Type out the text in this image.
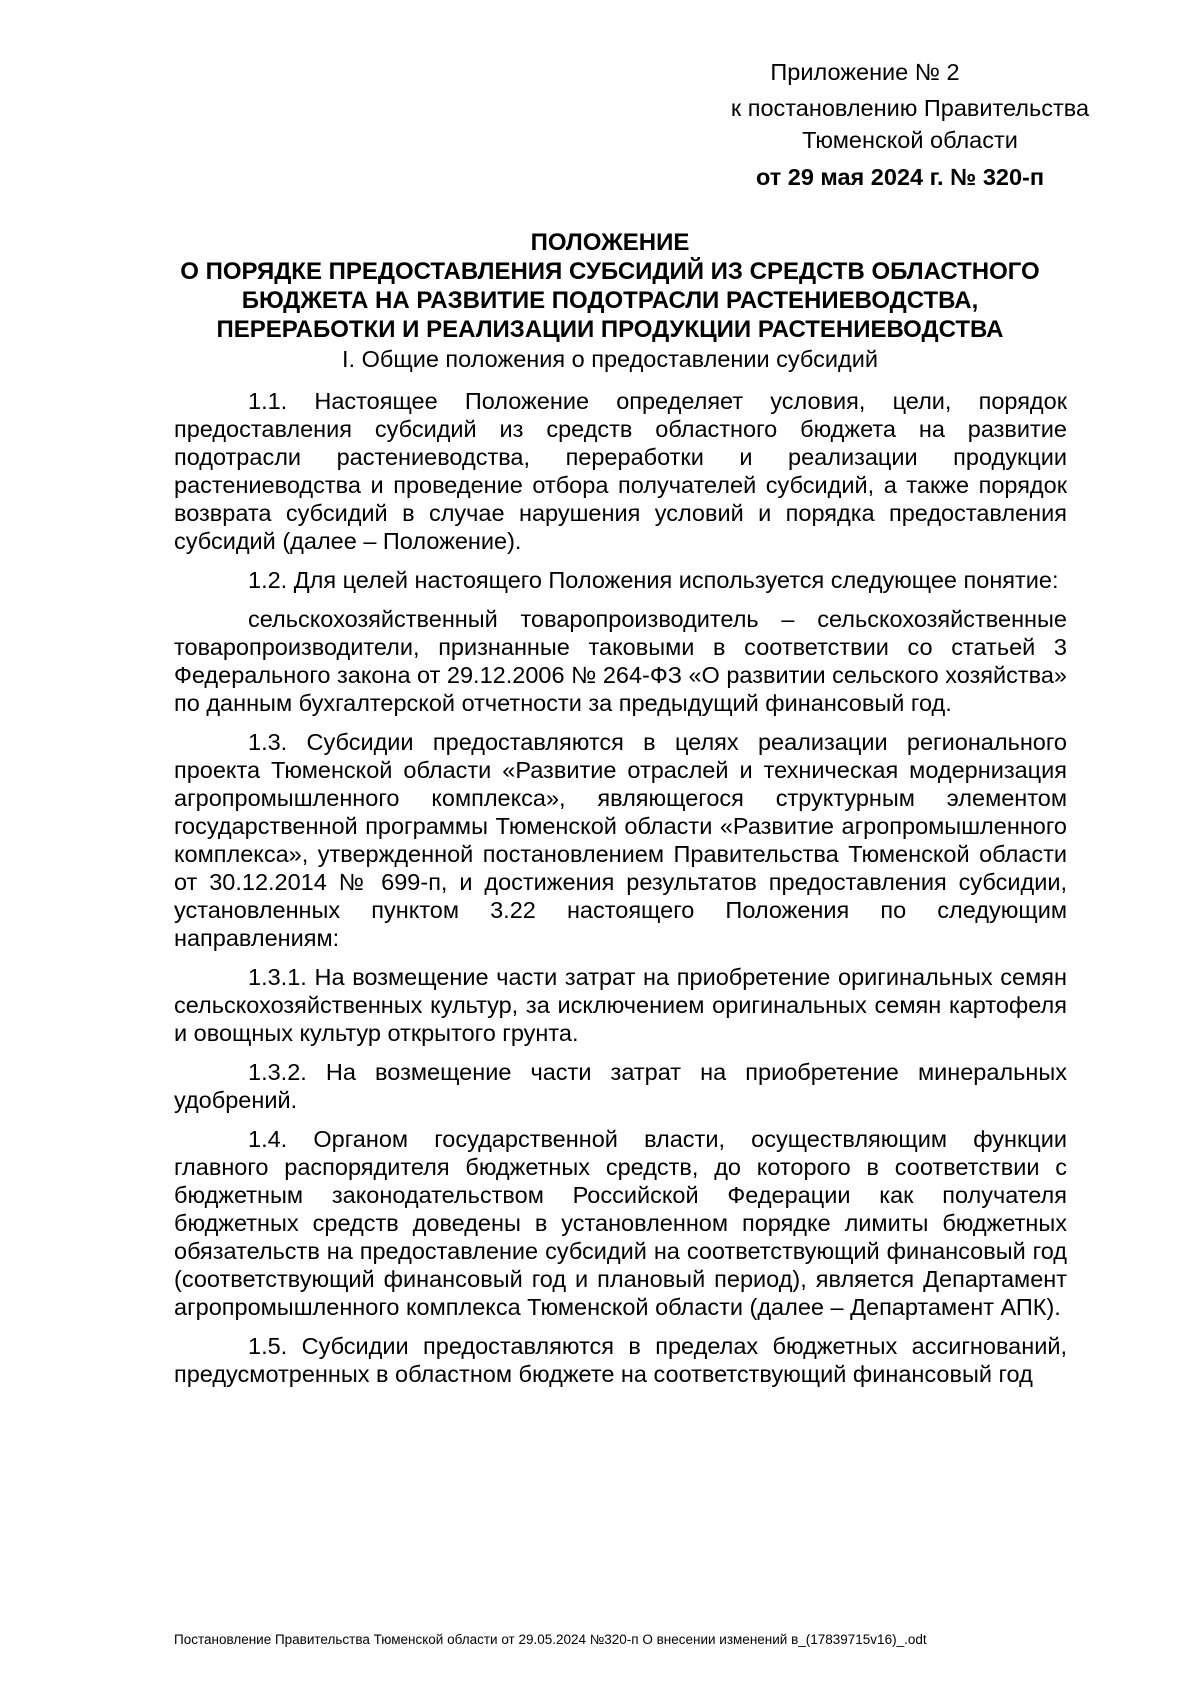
Приложение № 2
к постановлению Правительства
Тюменской области
от 29 мая 2024 г. № 320-п
ПОЛОЖЕНИЕ
О ПОРЯДКЕ ПРЕДОСТАВЛЕНИЯ СУБСИДИЙ ИЗ СРЕДСТВ ОБЛАСТНОГО
БЮДЖЕТА НА РАЗВИТИЕ ПОДОТРАСЛИ РАСТЕНИЕВОДСТВА,
ПЕРЕРАБОТКИ И РЕАЛИЗАЦИИ ПРОДУКЦИИ РАСТЕНИЕВОДСТВА
I. Общие положения о предоставлении субсидий

1.1. Настоящее Положение определяет условия, цели, порядок предоставления субсидий из средств областного бюджета на развитие подотрасли растениеводства, переработки и реализации продукции растениеводства и проведение отбора получателей субсидий, а также порядок возврата субсидий в случае нарушения условий и порядка предоставления субсидий (далее – Положение).

1.2. Для целей настоящего Положения используется следующее понятие:

сельскохозяйственный товаропроизводитель – сельскохозяйственные товаропроизводители, признанные таковыми в соответствии со статьей 3 Федерального закона от 29.12.2006 № 264-ФЗ «О развитии сельского хозяйства» по данным бухгалтерской отчетности за предыдущий финансовый год.

1.3. Субсидии предоставляются в целях реализации регионального проекта Тюменской области «Развитие отраслей и техническая модернизация агропромышленного комплекса», являющегося структурным элементом государственной программы Тюменской области «Развитие агропромышленного комплекса», утвержденной постановлением Правительства Тюменской области от 30.12.2014 № 699-п, и достижения результатов предоставления субсидии, установленных пунктом 3.22 настоящего Положения по следующим направлениям:

1.3.1. На возмещение части затрат на приобретение оригинальных семян сельскохозяйственных культур, за исключением оригинальных семян картофеля и овощных культур открытого грунта.

1.3.2. На возмещение части затрат на приобретение минеральных удобрений.

1.4. Органом государственной власти, осуществляющим функции главного распорядителя бюджетных средств, до которого в соответствии с бюджетным законодательством Российской Федерации как получателя бюджетных средств доведены в установленном порядке лимиты бюджетных обязательств на предоставление субсидий на соответствующий финансовый год (соответствующий финансовый год и плановый период), является Департамент агропромышленного комплекса Тюменской области (далее – Департамент АПК).

1.5. Субсидии предоставляются в пределах бюджетных ассигнований, предусмотренных в областном бюджете на соответствующий финансовый год

Постановление Правительства Тюменской области от 29.05.2024 №320-п О внесении изменений в_(17839715v16)_.odt
